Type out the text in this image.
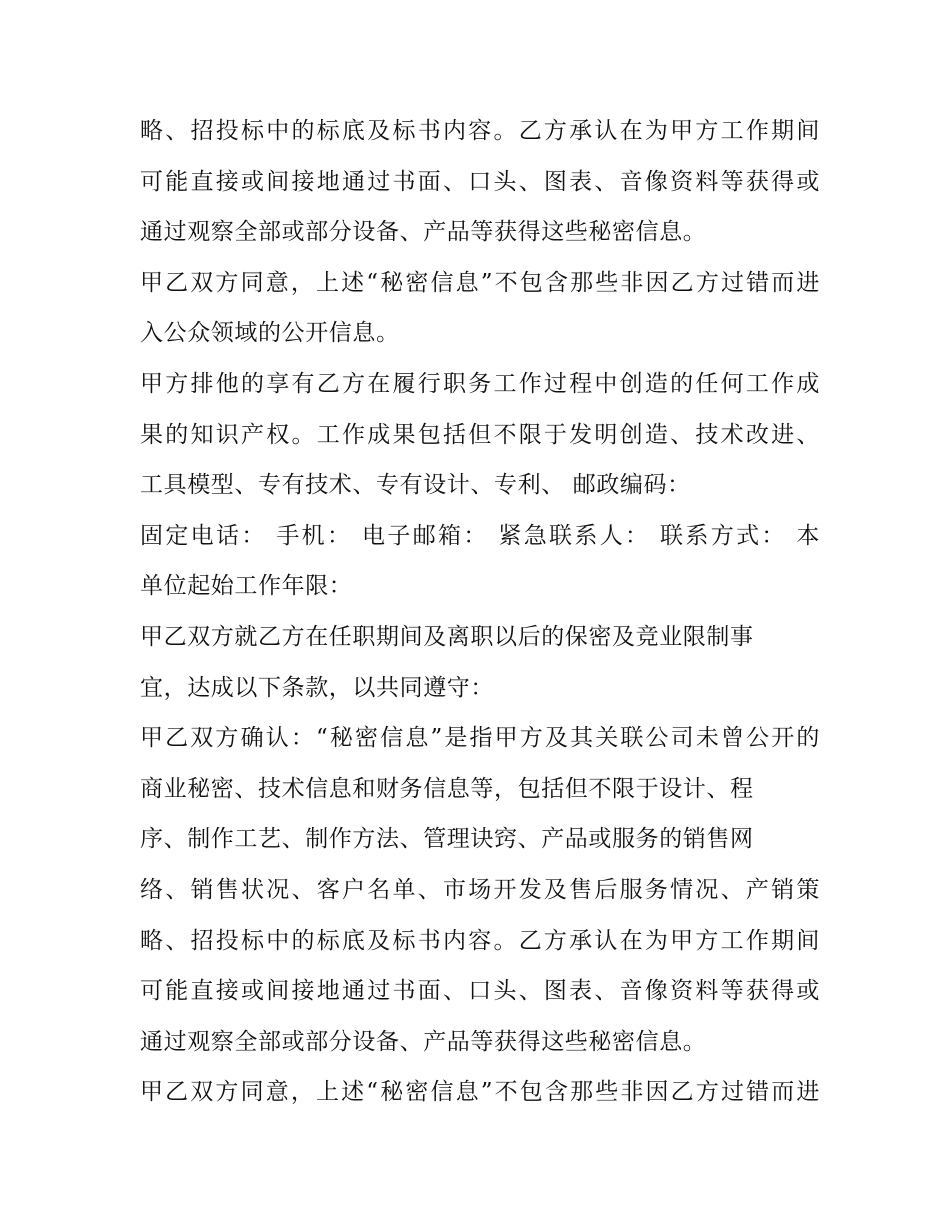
略、招投标中的标底及标书内容。乙方承认在为甲方工作期间
可能直接或间接地通过书面、口头、图表、音像资料等获得或
通过观察全部或部分设备、产品等获得这些秘密信息。
甲乙双方同意，上述“秘密信息”不包含那些非因乙方过错而进
入公众领域的公开信息。
甲方排他的享有乙方在履行职务工作过程中创造的任何工作成
果的知识产权。工作成果包括但不限于发明创造、技术改进、
工具模型、专有技术、专有设计、专利、 邮政编码：
固定电话： 手机： 电子邮箱： 紧急联系人： 联系方式： 本
单位起始工作年限：
甲乙双方就乙方在任职期间及离职以后的保密及竞业限制事
宜，达成以下条款，以共同遵守：
甲乙双方确认：“秘密信息”是指甲方及其关联公司未曾公开的
商业秘密、技术信息和财务信息等，包括但不限于设计、程
序、制作工艺、制作方法、管理诀窍、产品或服务的销售网
络、销售状况、客户名单、市场开发及售后服务情况、产销策
略、招投标中的标底及标书内容。乙方承认在为甲方工作期间
可能直接或间接地通过书面、口头、图表、音像资料等获得或
通过观察全部或部分设备、产品等获得这些秘密信息。
甲乙双方同意，上述“秘密信息”不包含那些非因乙方过错而进
